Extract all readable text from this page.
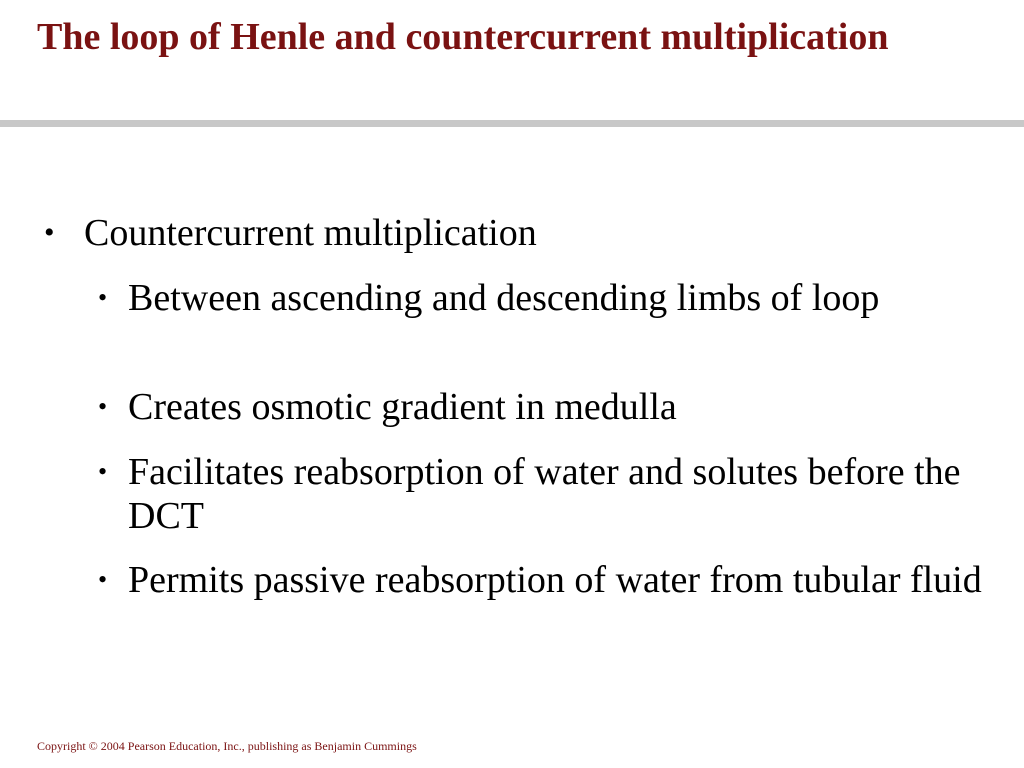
The loop of Henle and countercurrent multiplication
• Countercurrent multiplication
• Between ascending and descending limbs of loop
• Creates osmotic gradient in medulla
• Facilitates reabsorption of water and solutes before the DCT
• Permits passive reabsorption of water from tubular fluid
Copyright © 2004 Pearson Education, Inc., publishing as Benjamin Cummings
